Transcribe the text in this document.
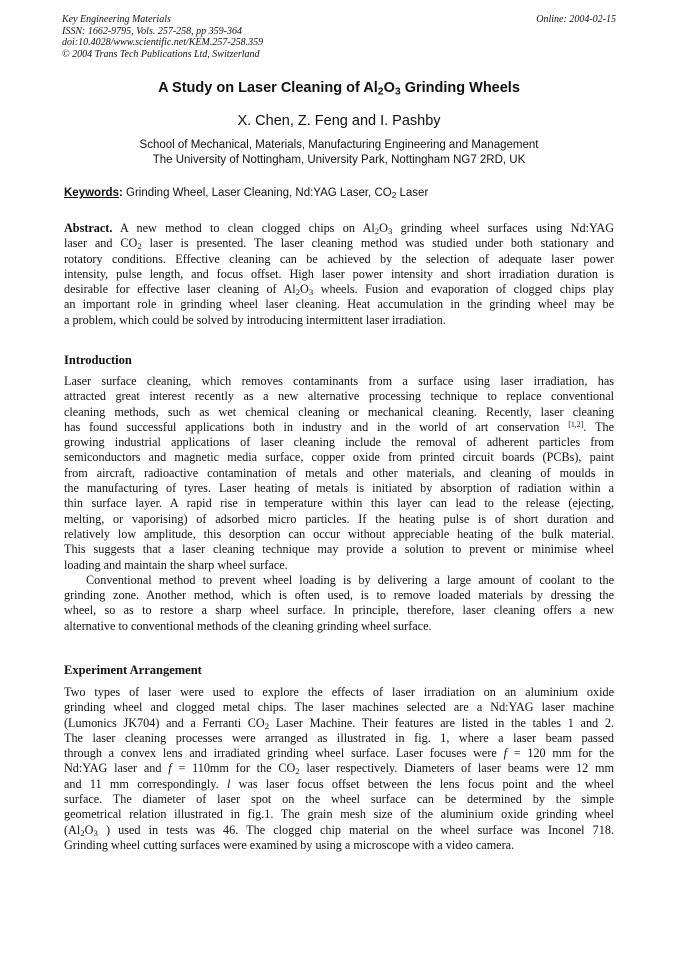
Key Engineering Materials
ISSN: 1662-9795, Vols. 257-258, pp 359-364
doi:10.4028/www.scientific.net/KEM.257-258.359
© 2004 Trans Tech Publications Ltd, Switzerland
Online: 2004-02-15
A Study on Laser Cleaning of $Al_2O_3$ Grinding Wheels
X. Chen, Z. Feng and I. Pashby
School of Mechanical, Materials, Manufacturing Engineering and Management
The University of Nottingham, University Park, Nottingham NG7 2RD, UK
Keywords: Grinding Wheel, Laser Cleaning, Nd:YAG Laser, $CO_2$ Laser
Abstract. A new method to clean clogged chips on $Al_2O_3$ grinding wheel surfaces using Nd:YAG
laser and $CO_2$ laser is presented. The laser cleaning method was studied under both stationary and
rotatory conditions. Effective cleaning can be achieved by the selection of adequate laser power
intensity, pulse length, and focus offset. High laser power intensity and short irradiation duration is
desirable for effective laser cleaning of $Al_2O_3$ wheels. Fusion and evaporation of clogged chips play
an important role in grinding wheel laser cleaning. Heat accumulation in the grinding wheel may be
a problem, which could be solved by introducing intermittent laser irradiation.
Introduction
Laser surface cleaning, which removes contaminants from a surface using laser irradiation, has
attracted great interest recently as a new alternative processing technique to replace conventional
cleaning methods, such as wet chemical cleaning or mechanical cleaning. Recently, laser cleaning
has found successful applications both in industry and in the world of art conservation [1,2]. The
growing industrial applications of laser cleaning include the removal of adherent particles from
semiconductors and magnetic media surface, copper oxide from printed circuit boards (PCBs), paint
from aircraft, radioactive contamination of metals and other materials, and cleaning of moulds in
the manufacturing of tyres. Laser heating of metals is initiated by absorption of radiation within a
thin surface layer. A rapid rise in temperature within this layer can lead to the release (ejecting,
melting, or vaporising) of adsorbed micro particles. If the heating pulse is of short duration and
relatively low amplitude, this desorption can occur without appreciable heating of the bulk material.
This suggests that a laser cleaning technique may provide a solution to prevent or minimise wheel
loading and maintain the sharp wheel surface.
Conventional method to prevent wheel loading is by delivering a large amount of coolant to the
grinding zone. Another method, which is often used, is to remove loaded materials by dressing the
wheel, so as to restore a sharp wheel surface. In principle, therefore, laser cleaning offers a new
alternative to conventional methods of the cleaning grinding wheel surface.
Experiment Arrangement
Two types of laser were used to explore the effects of laser irradiation on an aluminium oxide
grinding wheel and clogged metal chips. The laser machines selected are a Nd:YAG laser machine
(Lumonics JK704) and a Ferranti $CO_2$ Laser Machine. Their features are listed in the tables 1 and 2.
The laser cleaning processes were arranged as illustrated in fig. 1, where a laser beam passed
through a convex lens and irradiated grinding wheel surface. Laser focuses were f = 120 mm for the
Nd:YAG laser and f = 110mm for the $CO_2$ laser respectively. Diameters of laser beams were 12 mm
and 11 mm correspondingly. l was laser focus offset between the lens focus point and the wheel
surface. The diameter of laser spot on the wheel surface can be determined by the simple
geometrical relation illustrated in fig.1. The grain mesh size of the aluminium oxide grinding wheel
($Al_2O_3$ ) used in tests was 46. The clogged chip material on the wheel surface was Inconel 718.
Grinding wheel cutting surfaces were examined by using a microscope with a video camera.
